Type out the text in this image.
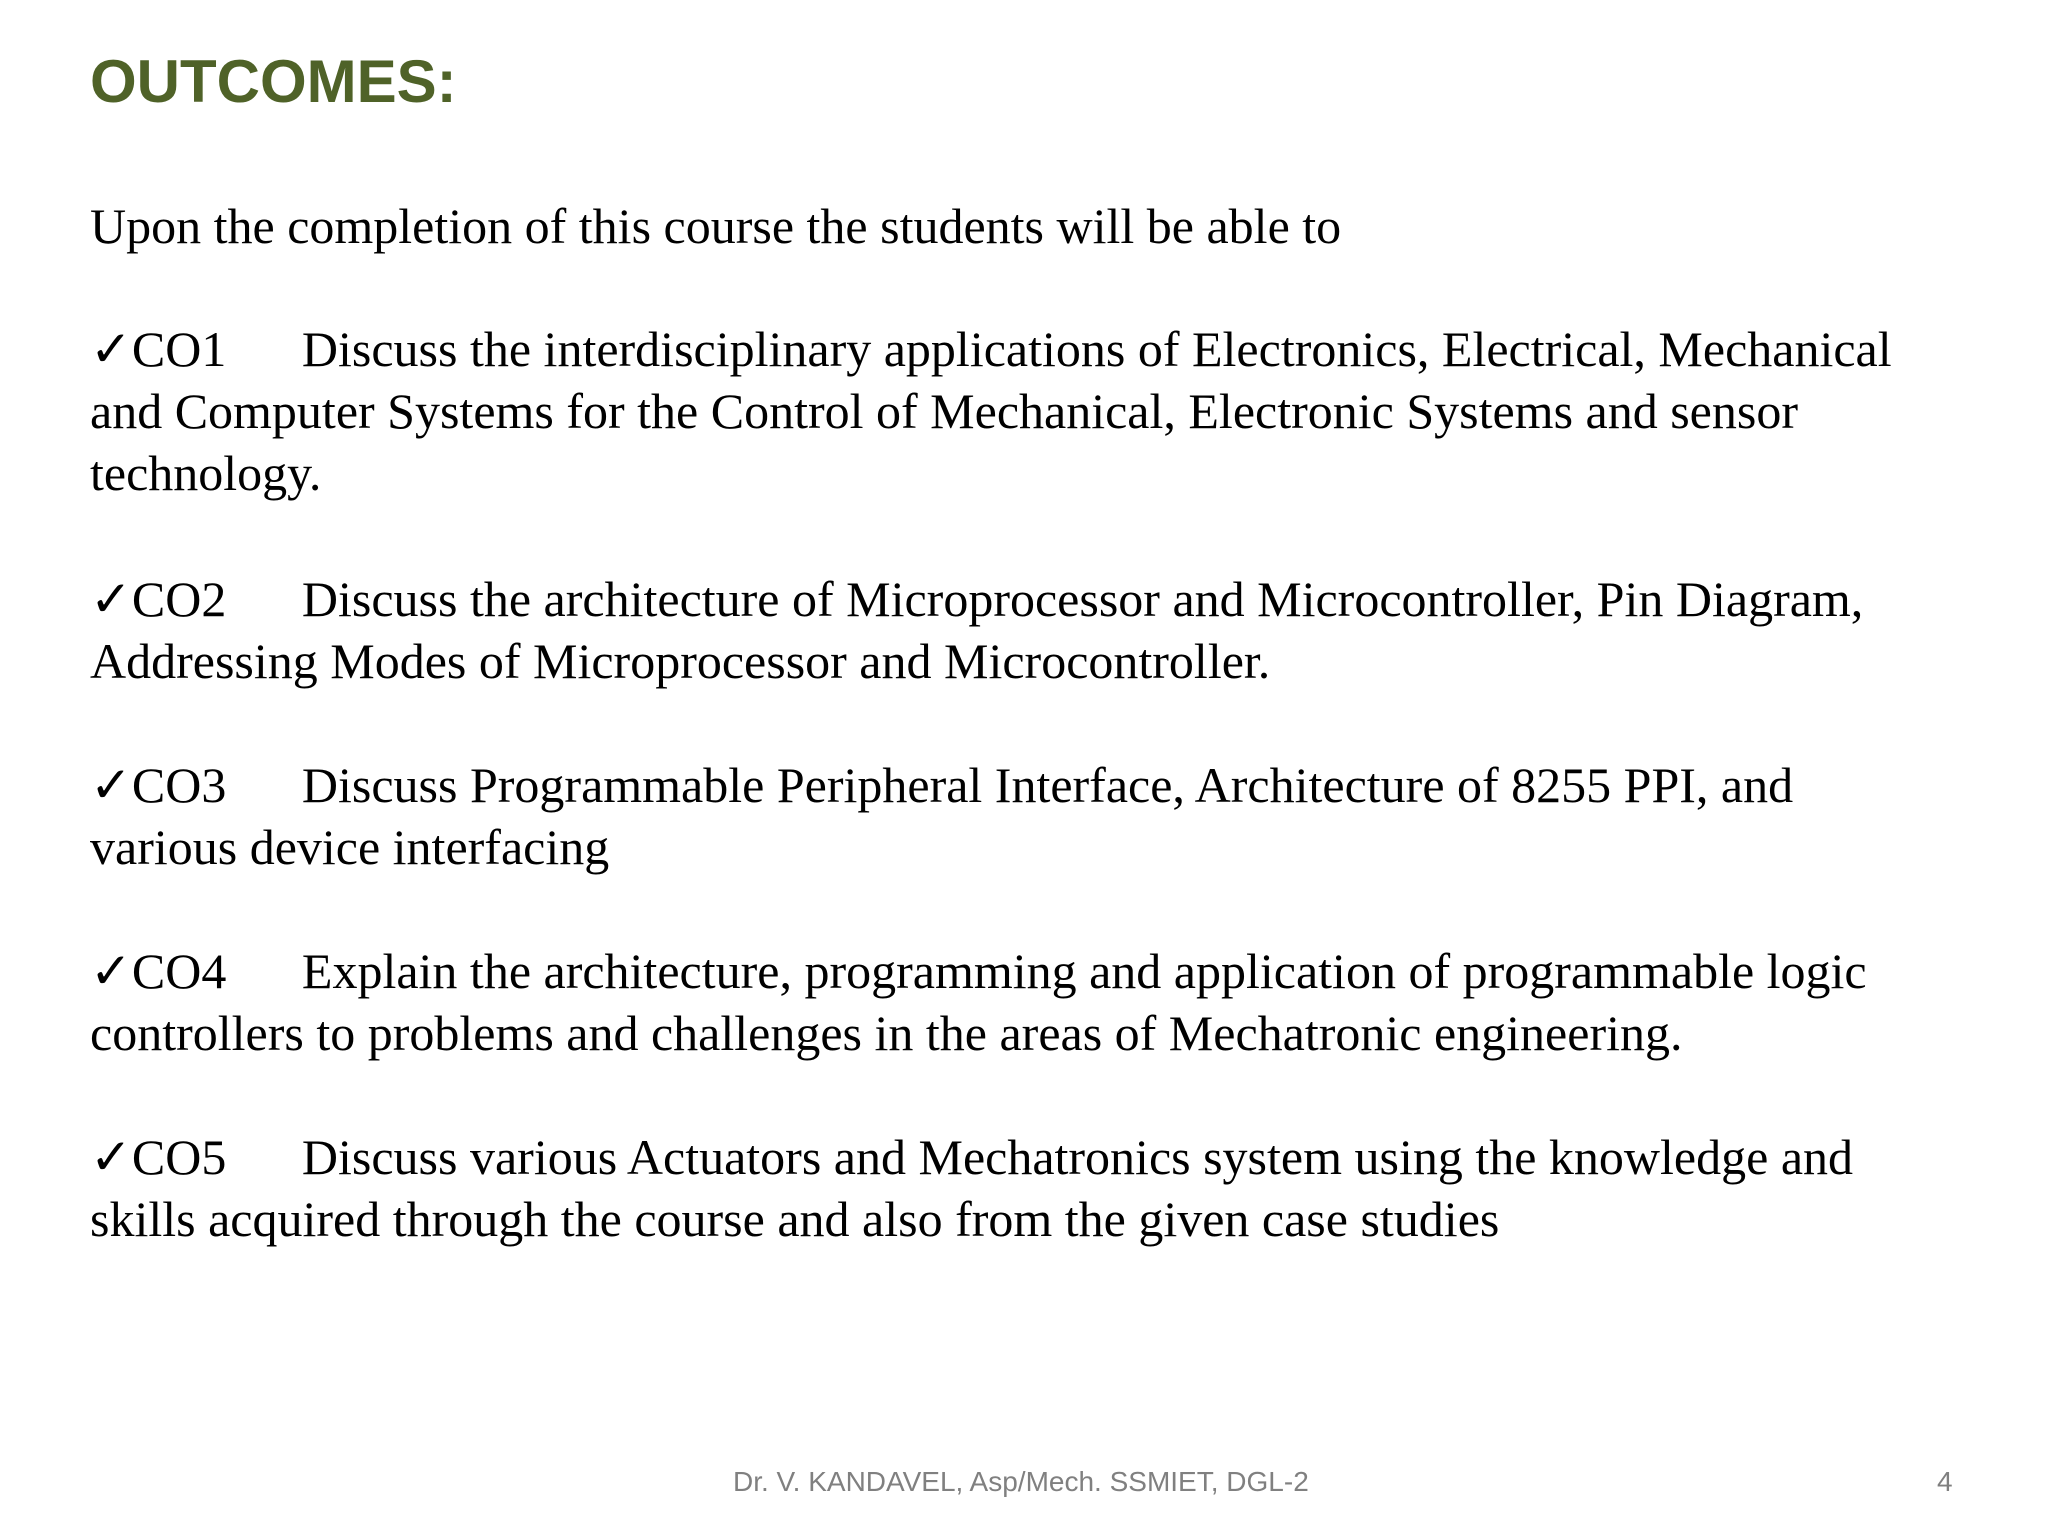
OUTCOMES:
Upon the completion of this course the students will be able to
✓CO1 Discuss the interdisciplinary applications of Electronics, Electrical, Mechanical
and Computer Systems for the Control of Mechanical, Electronic Systems and sensor
technology.
✓CO2 Discuss the architecture of Microprocessor and Microcontroller, Pin Diagram,
Addressing Modes of Microprocessor and Microcontroller.
✓CO3 Discuss Programmable Peripheral Interface, Architecture of 8255 PPI, and
various device interfacing
✓CO4 Explain the architecture, programming and application of programmable logic
controllers to problems and challenges in the areas of Mechatronic engineering.
✓CO5 Discuss various Actuators and Mechatronics system using the knowledge and
skills acquired through the course and also from the given case studies
Dr. V. KANDAVEL, Asp/Mech. SSMIET, DGL-2	4
